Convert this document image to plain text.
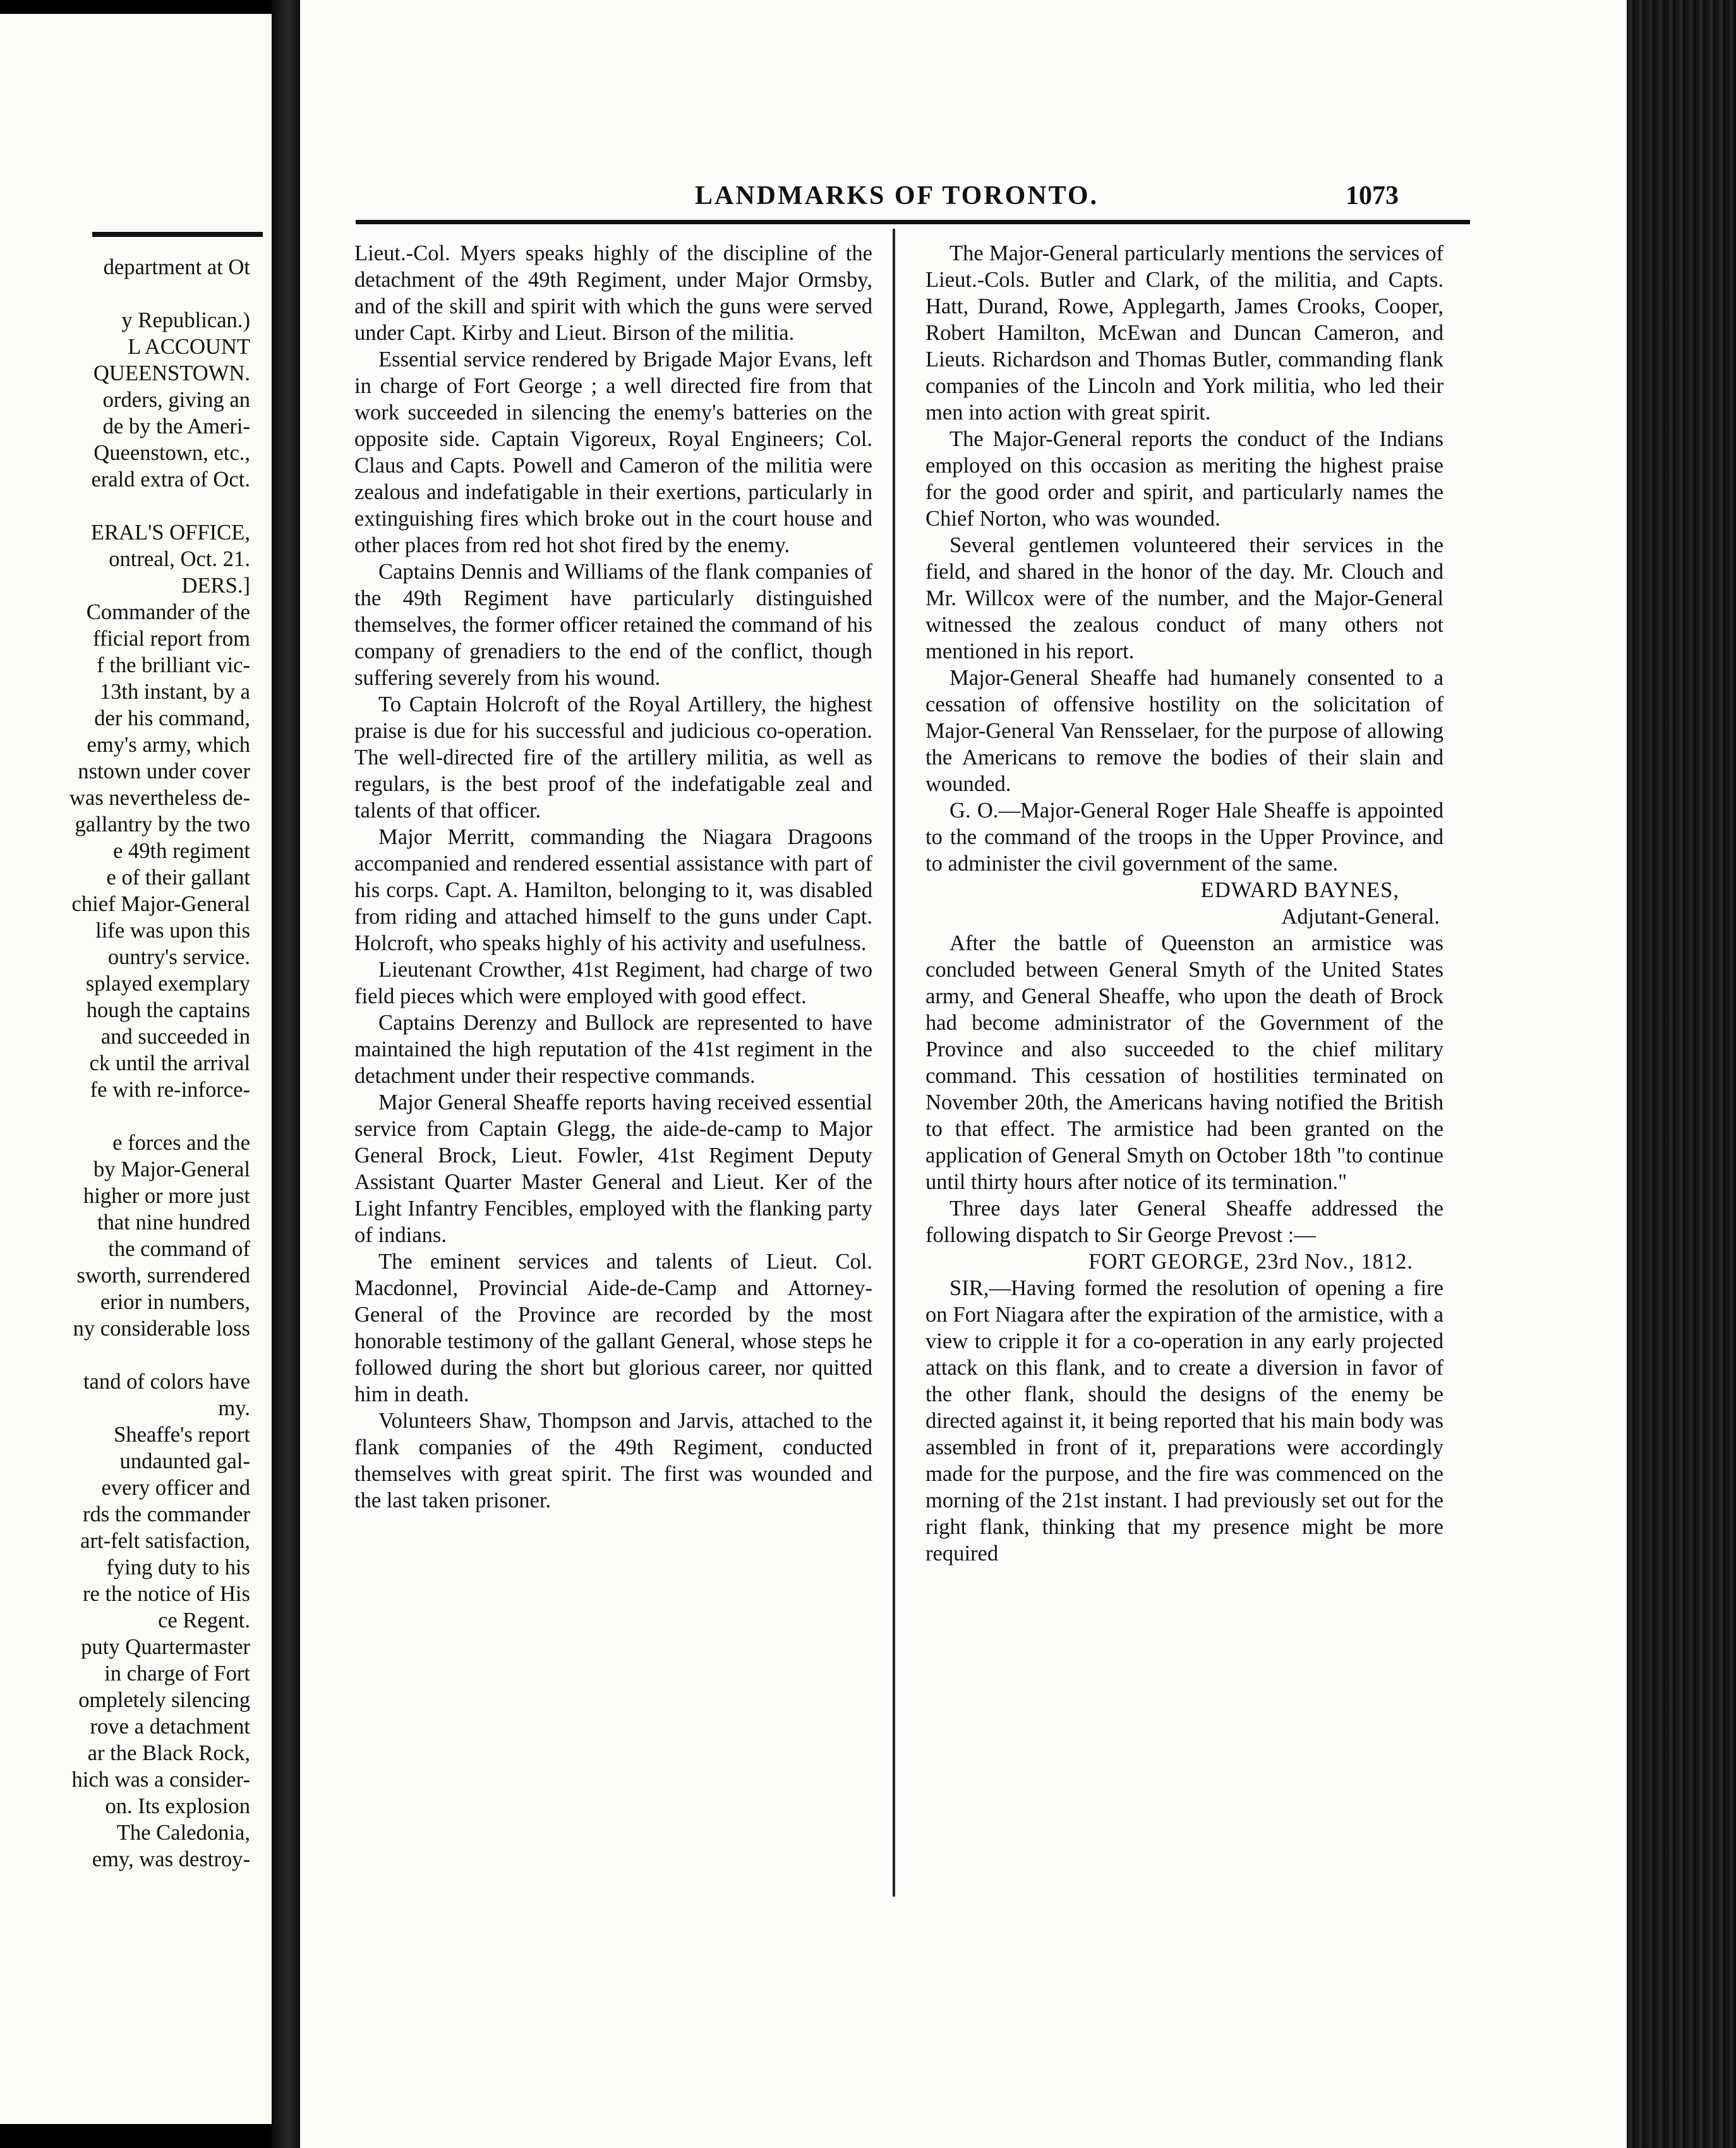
department at Ot

y Republican.)

L ACCOUNT

QUEENSTOWN.

orders, giving an

de by the Ameri-

Queenstown, etc.,

erald extra of Oct.

ERAL'S OFFICE,

ontreal, Oct. 21.

DERS.]

Commander of the

fficial report from

f the brilliant vic-

13th instant, by a

der his command,

emy's army, which

nstown under cover

was nevertheless de-

gallantry by the two

e 49th regiment

e of their gallant

chief Major-General

life was upon this

ountry's service.

splayed exemplary

hough the captains

and succeeded in

ck until the arrival

fe with re-inforce-

e forces and the

by Major-General

higher or more just

that nine hundred

the command of

sworth, surrendered

erior in numbers,

ny considerable loss

tand of colors have

my.

Sheaffe's report

undaunted gal-

every officer and

rds the commander

art-felt satisfaction,

fying duty to his

re the notice of His

ce Regent.

puty Quartermaster

in charge of Fort

ompletely silencing

rove a detachment

ar the Black Rock,

hich was a consider-

on. Its explosion

The Caledonia,

emy, was destroy-

LANDMARKS OF TORONTO.	1073

Lieut.-Col. Myers speaks highly of the discipline of the detachment of the 49th Regiment, under Major Ormsby, and of the skill and spirit with which the guns were served under Capt. Kirby and Lieut. Birson of the militia.

Essential service rendered by Brigade Major Evans, left in charge of Fort George ; a well directed fire from that work succeeded in silencing the enemy's batteries on the opposite side. Captain Vigoreux, Royal Engineers; Col. Claus and Capts. Powell and Cameron of the militia were zealous and indefatigable in their exertions, particularly in extinguishing fires which broke out in the court house and other places from red hot shot fired by the enemy.

Captains Dennis and Williams of the flank companies of the 49th Regiment have particularly distinguished themselves, the former officer retained the command of his company of grenadiers to the end of the conflict, though suffering severely from his wound.

To Captain Holcroft of the Royal Artillery, the highest praise is due for his successful and judicious co-operation. The well-directed fire of the artillery militia, as well as regulars, is the best proof of the indefatigable zeal and talents of that officer.

Major Merritt, commanding the Niagara Dragoons accompanied and rendered essential assistance with part of his corps. Capt. A. Hamilton, belonging to it, was disabled from riding and attached himself to the guns under Capt. Holcroft, who speaks highly of his activity and usefulness.

Lieutenant Crowther, 41st Regiment, had charge of two field pieces which were employed with good effect.

Captains Derenzy and Bullock are represented to have maintained the high reputation of the 41st regiment in the detachment under their respective commands.

Major General Sheaffe reports having received essential service from Captain Glegg, the aide-de-camp to Major General Brock, Lieut. Fowler, 41st Regiment Deputy Assistant Quarter Master General and Lieut. Ker of the Light Infantry Fencibles, employed with the flanking party of indians.

The eminent services and talents of Lieut. Col. Macdonnel, Provincial Aide-de-Camp and Attorney-General of the Province are recorded by the most honorable testimony of the gallant General, whose steps he followed during the short but glorious career, nor quitted him in death.

Volunteers Shaw, Thompson and Jarvis, attached to the flank companies of the 49th Regiment, conducted themselves with great spirit. The first was wounded and the last taken prisoner.

The Major-General particularly mentions the services of Lieut.-Cols. Butler and Clark, of the militia, and Capts. Hatt, Durand, Rowe, Applegarth, James Crooks, Cooper, Robert Hamilton, McEwan and Duncan Cameron, and Lieuts. Richardson and Thomas Butler, commanding flank companies of the Lincoln and York militia, who led their men into action with great spirit.

The Major-General reports the conduct of the Indians employed on this occasion as meriting the highest praise for the good order and spirit, and particularly names the Chief Norton, who was wounded.

Several gentlemen volunteered their services in the field, and shared in the honor of the day. Mr. Clouch and Mr. Willcox were of the number, and the Major-General witnessed the zealous conduct of many others not mentioned in his report.

Major-General Sheaffe had humanely consented to a cessation of offensive hostility on the solicitation of Major-General Van Rensselaer, for the purpose of allowing the Americans to remove the bodies of their slain and wounded.

G. O.—Major-General Roger Hale Sheaffe is appointed to the command of the troops in the Upper Province, and to administer the civil government of the same.

EDWARD BAYNES,

Adjutant-General.

After the battle of Queenston an armistice was concluded between General Smyth of the United States army, and General Sheaffe, who upon the death of Brock had become administrator of the Government of the Province and also succeeded to the chief military command. This cessation of hostilities terminated on November 20th, the Americans having notified the British to that effect. The armistice had been granted on the application of General Smyth on October 18th "to continue until thirty hours after notice of its termination."

Three days later General Sheaffe addressed the following dispatch to Sir George Prevost :—

FORT GEORGE, 23rd Nov., 1812.

SIR,—Having formed the resolution of opening a fire on Fort Niagara after the expiration of the armistice, with a view to cripple it for a co-operation in any early projected attack on this flank, and to create a diversion in favor of the other flank, should the designs of the enemy be directed against it, it being reported that his main body was assembled in front of it, preparations were accordingly made for the purpose, and the fire was commenced on the morning of the 21st instant. I had previously set out for the right flank, thinking that my presence might be more required
